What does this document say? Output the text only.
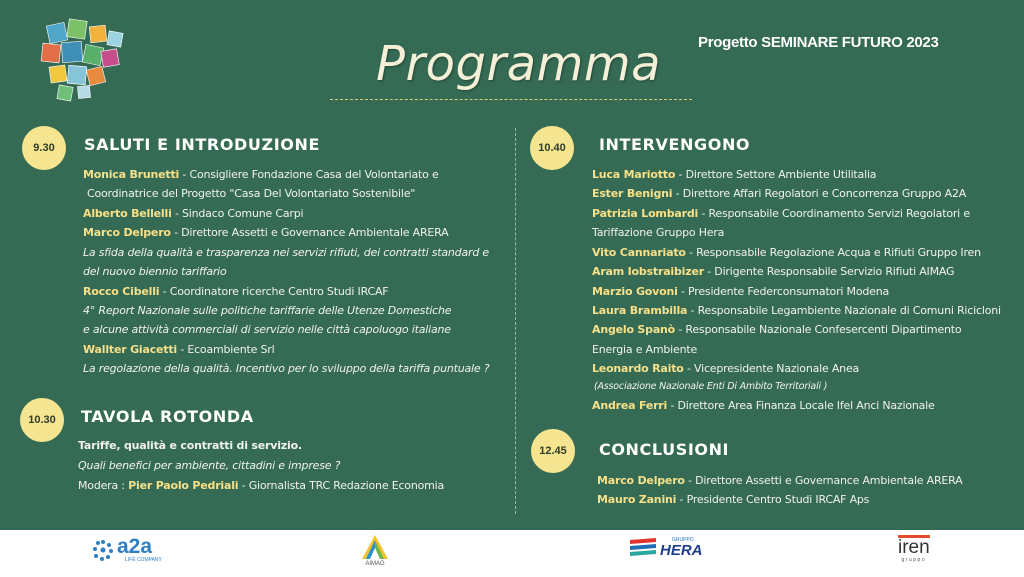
Programma Progetto SEMINARE FUTURO 2023
9.30	SALUTI E INTRODUZIONE
Monica Brunetti - Consigliere Fondazione Casa del Volontariato e
Coordinatrice del Progetto "Casa Del Volontariato Sostenibile"
Alberto Bellelli - Sindaco Comune Carpi
Marco Delpero - Direttore Assetti e Governance Ambientale ARERA
La sfida della qualità e trasparenza nei servizi rifiuti, dei contratti standard e
del nuovo biennio tariffario
Rocco Cibelli - Coordinatore ricerche Centro Studi IRCAF
4° Report Nazionale sulle politiche tariffarie delle Utenze Domestiche
e alcune attività commerciali di servizio nelle città capoluogo italiane
Wallter Giacetti - Ecoambiente Srl
La regolazione della qualità. Incentivo per lo sviluppo della tariffa puntuale ?
10.30	TAVOLA ROTONDA
Tariffe, qualità e contratti di servizio.
Quali benefici per ambiente, cittadini e imprese ?
Modera : Pier Paolo Pedriali - Giornalista TRC Redazione Economia
10.40	INTERVENGONO
Luca Mariotto - Direttore Settore Ambiente Utilitalia
Ester Benigni - Direttore Affari Regolatori e Concorrenza Gruppo A2A
Patrizia Lombardi - Responsabile Coordinamento Servizi Regolatori e
Tariffazione Gruppo Hera
Vito Cannariato - Responsabile Regolazione Acqua e Rifiuti Gruppo Iren
Aram Iobstraibizer - Dirigente Responsabile Servizio Rifiuti AIMAG
Marzio Govoni - Presidente Federconsumatori Modena
Laura Brambilla - Responsabile Legambiente Nazionale di Comuni Ricicloni
Angelo Spanò - Responsabile Nazionale Confesercenti Dipartimento
Energia e Ambiente
Leonardo Raito - Vicepresidente Nazionale Anea
(Associazione Nazionale Enti Di Ambito Territoriali )
Andrea Ferri - Direttore Area Finanza Locale Ifel Anci Nazionale
12.45	CONCLUSIONI
Marco Delpero - Direttore Assetti e Governance Ambientale ARERA
Mauro Zanini - Presidente Centro Studi IRCAF Aps
a2a
LIFE COMPANY
AIMAG
GRUPPO
HERA	iren
gruppo
